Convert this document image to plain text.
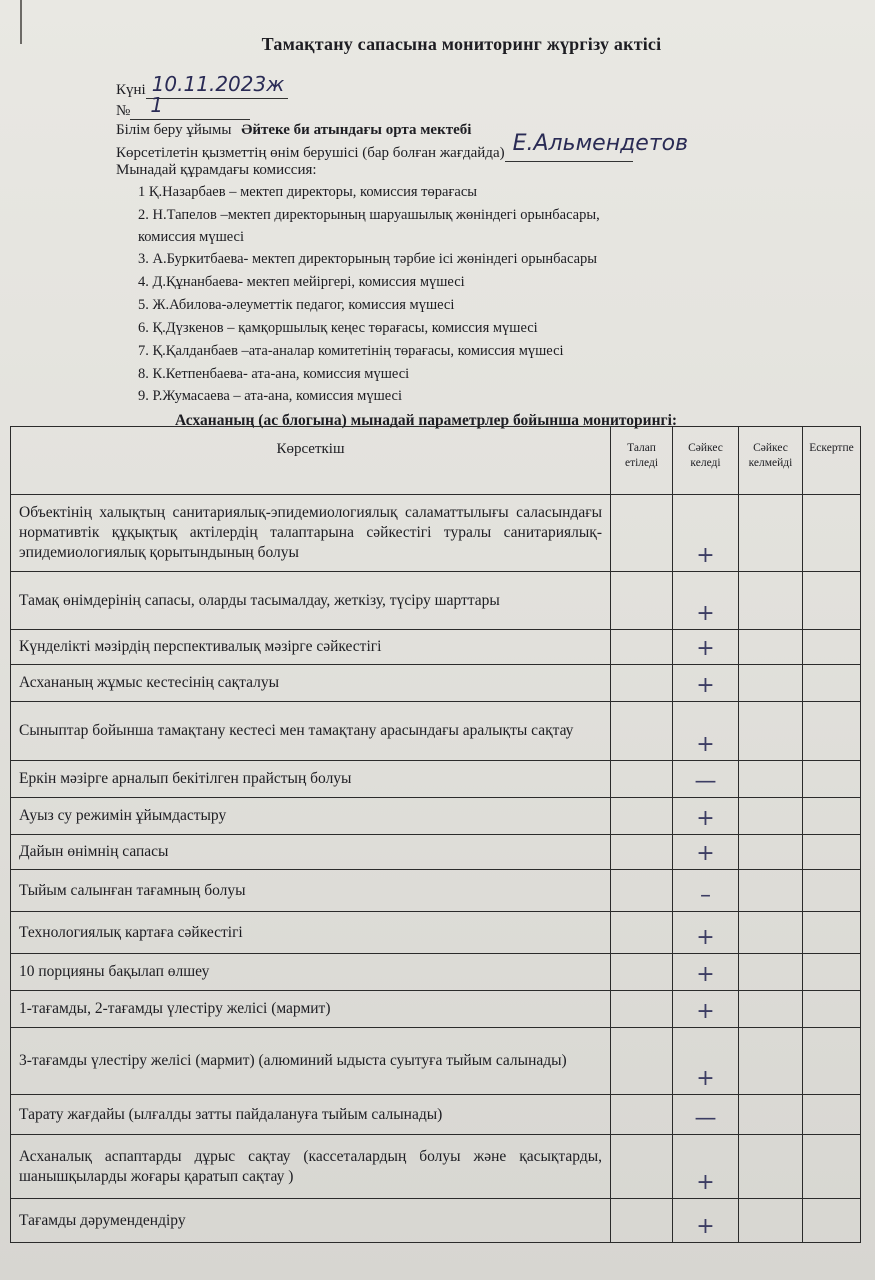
Тамақтану сапасына мониторинг жүргізу актісі
Күні 10.11.2023ж
№ 1
Білім беру ұйымы Әйтеке би атындағы орта мектебі
Көрсетілетін қызметтің өнім берушісі (бар болған жағдайда) Е.Альмендетов
Мынадай құрамдағы комиссия:
1 Қ.Назарбаев – мектеп директоры, комиссия төрағасы
2. Н.Тапелов –мектеп директорының шаруашылық жөніндегі орынбасары,
комиссия мүшесі
3. А.Буркитбаева- мектеп директорының тәрбие ісі жөніндегі орынбасары
4. Д.Құнанбаева- мектеп мейіргері, комиссия мүшесі
5. Ж.Абилова-әлеуметтік педагог, комиссия мүшесі
6. Қ.Дүзкенов – қамқоршылық кеңес төрағасы, комиссия мүшесі
7. Қ.Қалданбаев –ата-аналар комитетінің төрағасы, комиссия мүшесі
8. К.Кетпенбаева- ата-ана, комиссия мүшесі
9. Р.Жумасаева – ата-ана, комиссия мүшесі
Асхананың (ас блогына) мынадай параметрлер бойынша мониторингі:
Көрсеткіш	Талап етіледі	Сәйкес келеді	Сәйкес келмейді	Ескертпе
Объектінің халықтың санитариялық-эпидемиологиялық саламаттылығы саласындағы нормативтік құқықтық актілердің талаптарына сәйкестігі туралы санитариялық-эпидемиологиялық қорытындының болуы		+		
Тамақ өнімдерінің сапасы, оларды тасымалдау, жеткізу, түсіру шарттары		+		
Күнделікті мәзірдің перспективалық мәзірге сәйкестігі		+		
Асхананың жұмыс кестесінің сақталуы		+		
Сыныптар бойынша тамақтану кестесі мен тамақтану арасындағы аралықты сақтау		+		
Еркін мәзірге арналып бекітілген прайстың болуы		—		
Ауыз су режимін ұйымдастыру		+		
Дайын өнімнің сапасы		+		
Тыйым салынған тағамның болуы		–		
Технологиялық картаға сәйкестігі		+		
10 порцияны бақылап өлшеу		+		
1-тағамды, 2-тағамды үлестіру желісі (мармит)		+		
3-тағамды үлестіру желісі (мармит) (алюминий ыдыста суытуға тыйым салынады)		+		
Тарату жағдайы (ылғалды затты пайдалануға тыйым салынады)		—		
Асханалық аспаптарды дұрыс сақтау (кассеталардың болуы және қасықтарды, шанышқыларды жоғары қаратып сақтау )		+		
Тағамды дәрумендендіру		+		
